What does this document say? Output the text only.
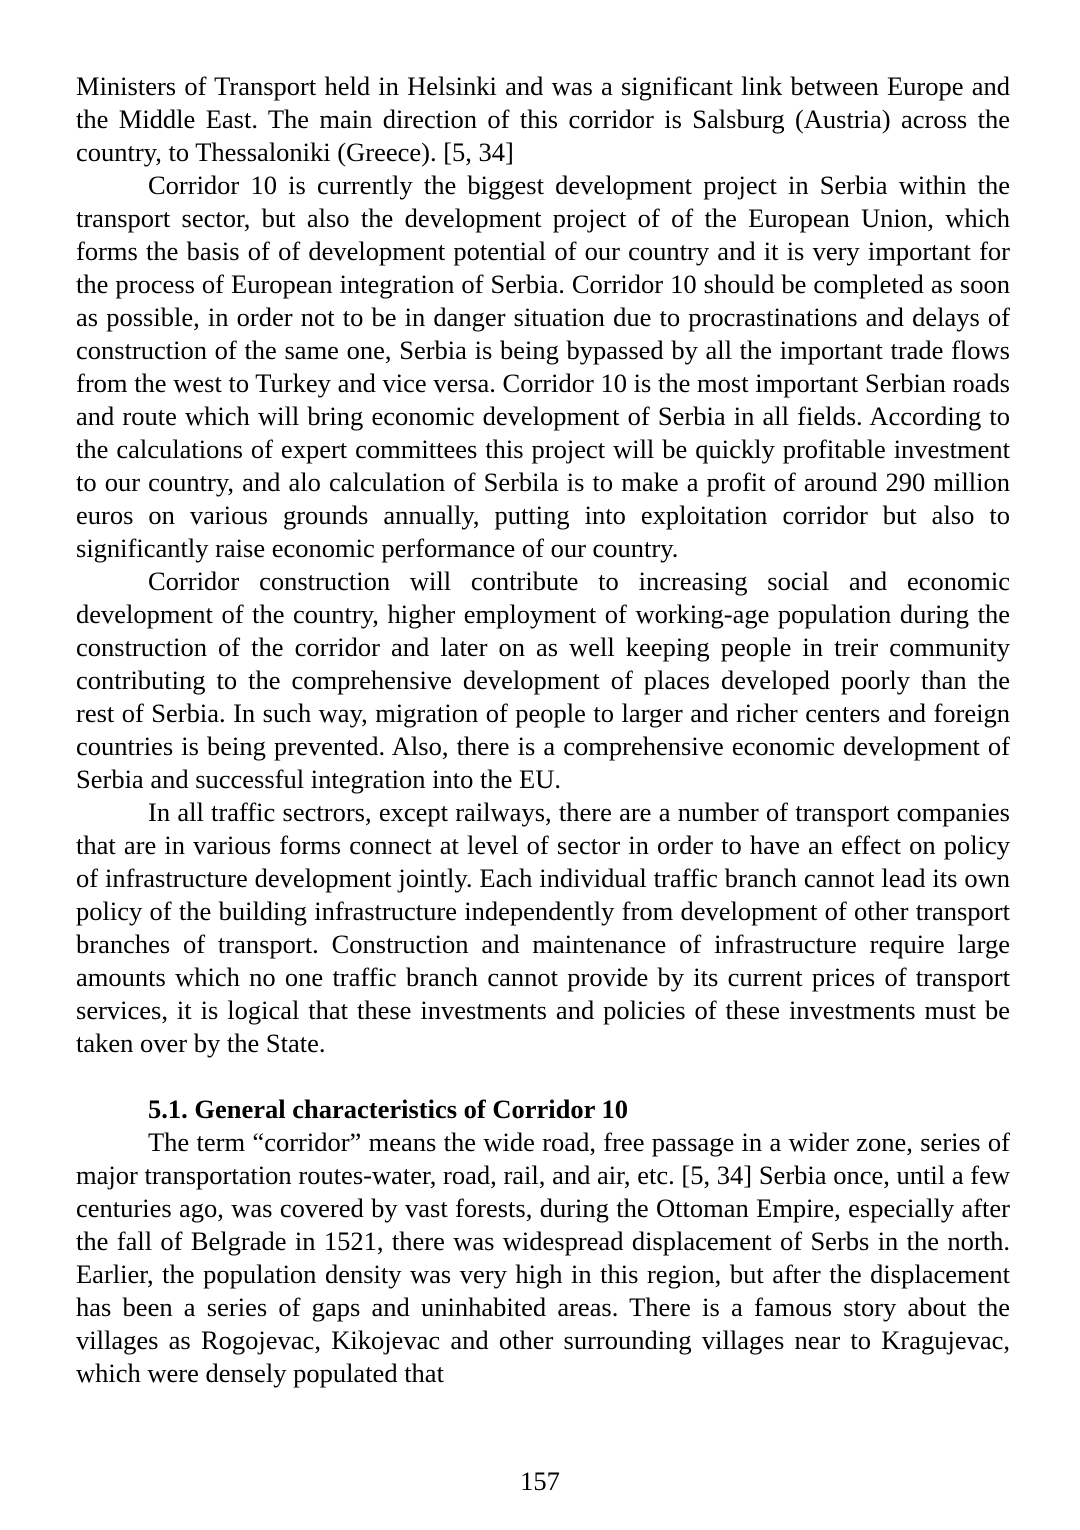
Ministers of Transport held in Helsinki and was a significant link between Europe and the Middle East. The main direction of this corridor is Salsburg (Austria) across the country, to Thessaloniki (Greece). [5, 34]

Corridor 10 is currently the biggest development project in Serbia within the transport sector, but also the development project of of the European Union, which forms the basis of of development potential of our country and it is very important for the process of European integration of Serbia. Corridor 10 should be completed as soon as possible, in order not to be in danger situation due to procrastinations and delays of construction of the same one, Serbia is being bypassed by all the important trade flows from the west to Turkey and vice versa. Corridor 10 is the most important Serbian roads and route which will bring economic development of Serbia in all fields. According to the calculations of expert committees this project will be quickly profitable investment to our country, and alo calculation of Serbila is to make a profit of around 290 million euros on various grounds annually, putting into exploitation corridor but also to significantly raise economic performance of our country.

Corridor construction will contribute to increasing social and economic development of the country, higher employment of working-age population during the construction of the corridor and later on as well keeping people in treir community contributing to the comprehensive development of places developed poorly than the rest of Serbia. In such way, migration of people to larger and richer centers and foreign countries is being prevented. Also, there is a comprehensive economic development of Serbia and successful integration into the EU.

In all traffic sectrors, except railways, there are a number of transport companies that are in various forms connect at level of sector in order to have an effect on policy of infrastructure development jointly. Each individual traffic branch cannot lead its own policy of the building infrastructure independently from development of other transport branches of transport. Construction and maintenance of infrastructure require large amounts which no one traffic branch cannot provide by its current prices of transport services, it is logical that these investments and policies of these investments must be taken over by the State.

5.1. General characteristics of Corridor 10

The term “corridor” means the wide road, free passage in a wider zone, series of major transportation routes-water, road, rail, and air, etc. [5, 34] Serbia once, until a few centuries ago, was covered by vast forests, during the Ottoman Empire, especially after the fall of Belgrade in 1521, there was widespread displacement of Serbs in the north. Earlier, the population density was very high in this region, but after the displacement has been a series of gaps and uninhabited areas. There is a famous story about the villages as Rogojevac, Kikojevac and other surrounding villages near to Kragujevac, which were densely populated that

157
